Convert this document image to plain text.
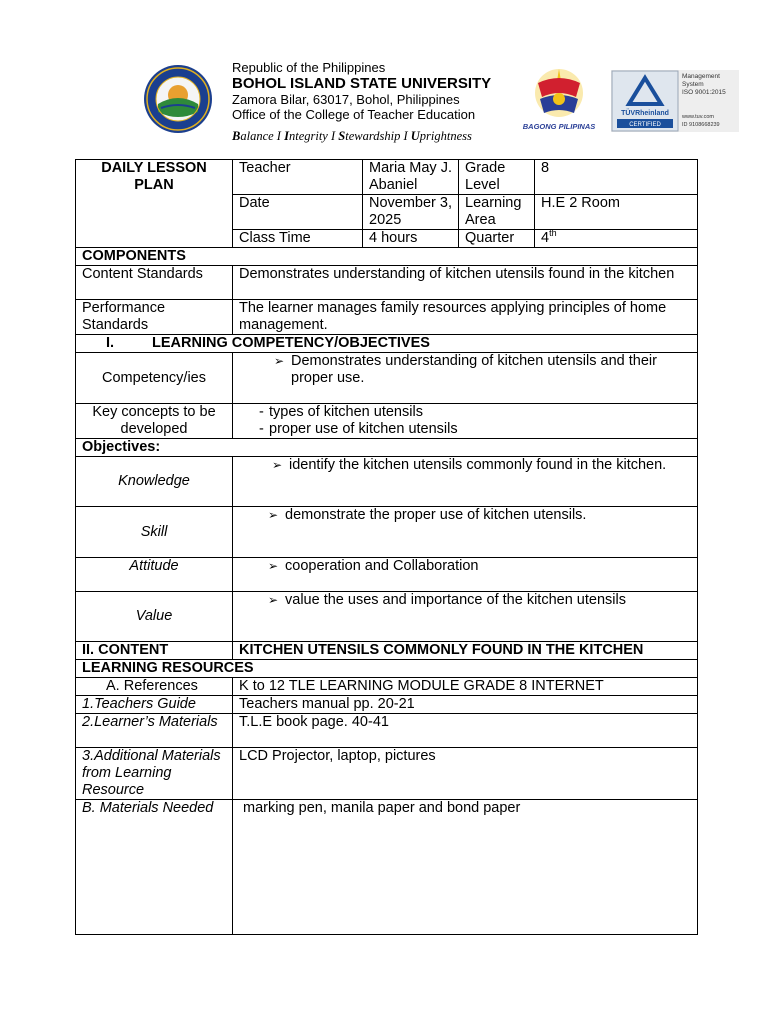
Republic of the Philippines
BOHOL ISLAND STATE UNIVERSITY
Zamora Bilar, 63017, Bohol, Philippines
Office of the College of Teacher Education
Balance I Integrity I Stewardship I Uprightness
BAGONG PILIPINAS
TÜVRheinland
CERTIFIED
Management
System
ISO 9001:2015
www.tuv.com
ID 9108668239
DAILY LESSON PLAN	Teacher	Maria May J. Abaniel	Grade Level	8
	Date	November 3, 2025	Learning Area	H.E 2 Room
	Class Time	4 hours	Quarter	4th
COMPONENTS				
Content Standards	Demonstrates understanding of kitchen utensils found in the kitchen			
Performance Standards	The learner manages family resources applying principles of home management.			
I. LEARNING COMPETENCY/OBJECTIVES				
Competency/ies	➢ Demonstrates understanding of kitchen utensils and their proper use.			

Key concepts to be developed	- types of kitchen utensils
- proper use of kitchen utensils			

Objectives:				
Knowledge	➢ identify the kitchen utensils commonly found in the kitchen.			

Skill	➢ demonstrate the proper use of kitchen utensils.			

Attitude	➢ cooperation and Collaboration			

Value	➢ value the uses and importance of the kitchen utensils			

II. CONTENT	KITCHEN UTENSILS COMMONLY FOUND IN THE KITCHEN			
LEARNING RESOURCES				
A. References	K to 12 TLE LEARNING MODULE GRADE 8 INTERNET			
1.Teachers Guide	Teachers manual pp. 20-21			
2.Learner’s Materials	T.L.E book page. 40-41			
3.Additional Materials from Learning Resource	LCD Projector, laptop, pictures			
B. Materials Needed	marking pen, manila paper and bond paper			
